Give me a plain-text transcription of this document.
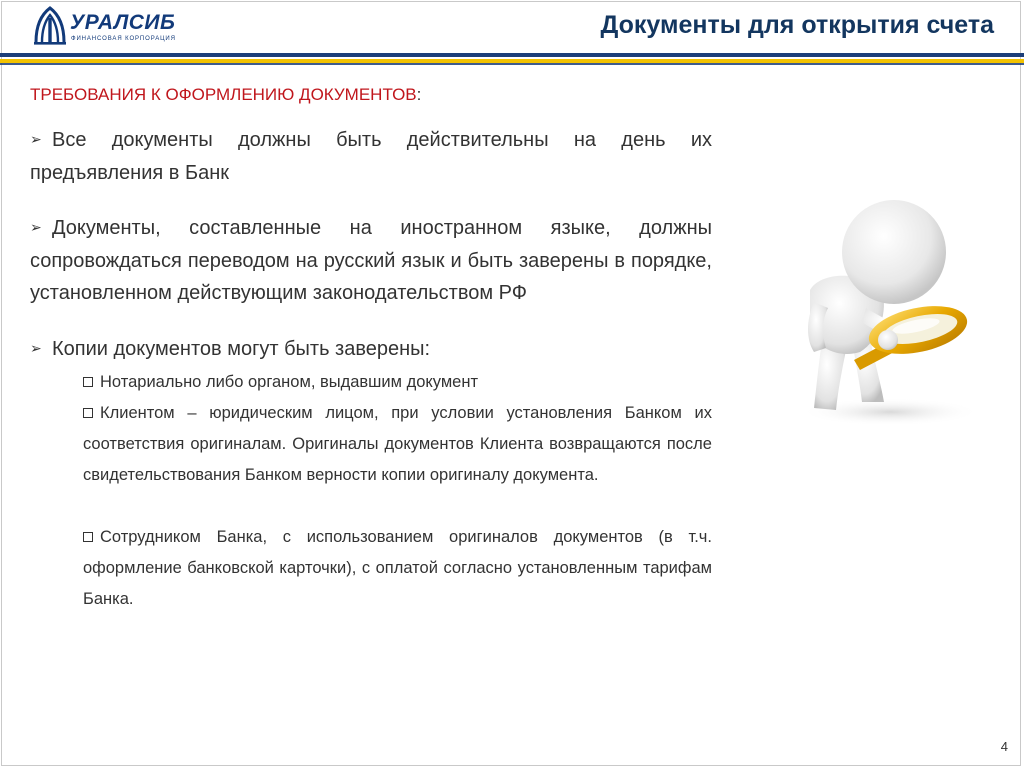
УРАЛСИБ
ФИНАНСОВАЯ КОРПОРАЦИЯ	Документы для открытия счета
ТРЕБОВАНИЯ К ОФОРМЛЕНИЮ ДОКУМЕНТОВ:
➢ Все документы должны быть действительны на день их предъявления в Банк
➢ Документы, составленные на иностранном языке, должны сопровождаться переводом на русский язык и быть заверены в порядке, установленном действующим законодательством РФ
➢ Копии документов могут быть заверены:
Нотариально либо органом, выдавшим документ
Клиентом – юридическим лицом, при условии установления Банком их соответствия оригиналам. Оригиналы документов Клиента возвращаются после свидетельствования Банком верности копии оригиналу документа.
Сотрудником Банка, с использованием оригиналов документов (в т.ч. оформление банковской карточки), с оплатой согласно установленным тарифам Банка.
4
